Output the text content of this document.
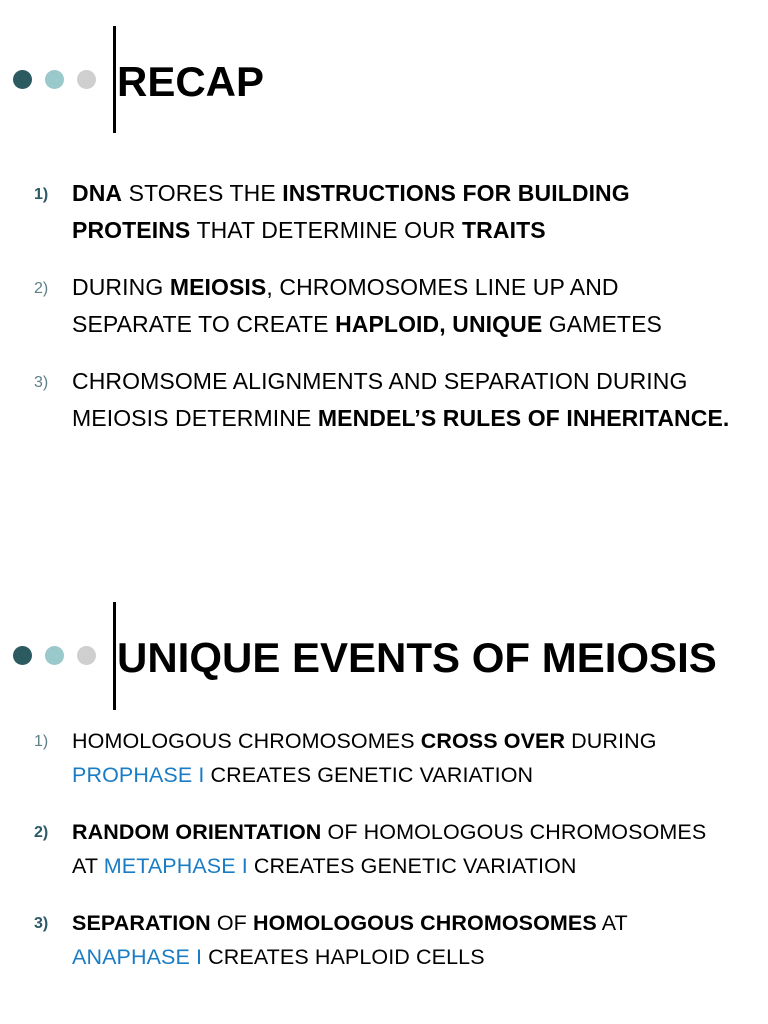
RECAP
1) DNA STORES THE INSTRUCTIONS FOR BUILDING PROTEINS THAT DETERMINE OUR TRAITS
2) DURING MEIOSIS, CHROMOSOMES LINE UP AND SEPARATE TO CREATE HAPLOID, UNIQUE GAMETES
3) CHROMSOME ALIGNMENTS AND SEPARATION DURING MEIOSIS DETERMINE MENDEL’S RULES OF INHERITANCE.
UNIQUE EVENTS OF MEIOSIS
1) HOMOLOGOUS CHROMOSOMES CROSS OVER DURING PROPHASE I CREATES GENETIC VARIATION
2) RANDOM ORIENTATION OF HOMOLOGOUS CHROMOSOMES AT METAPHASE I CREATES GENETIC VARIATION
3) SEPARATION OF HOMOLOGOUS CHROMOSOMES AT ANAPHASE I CREATES HAPLOID CELLS
